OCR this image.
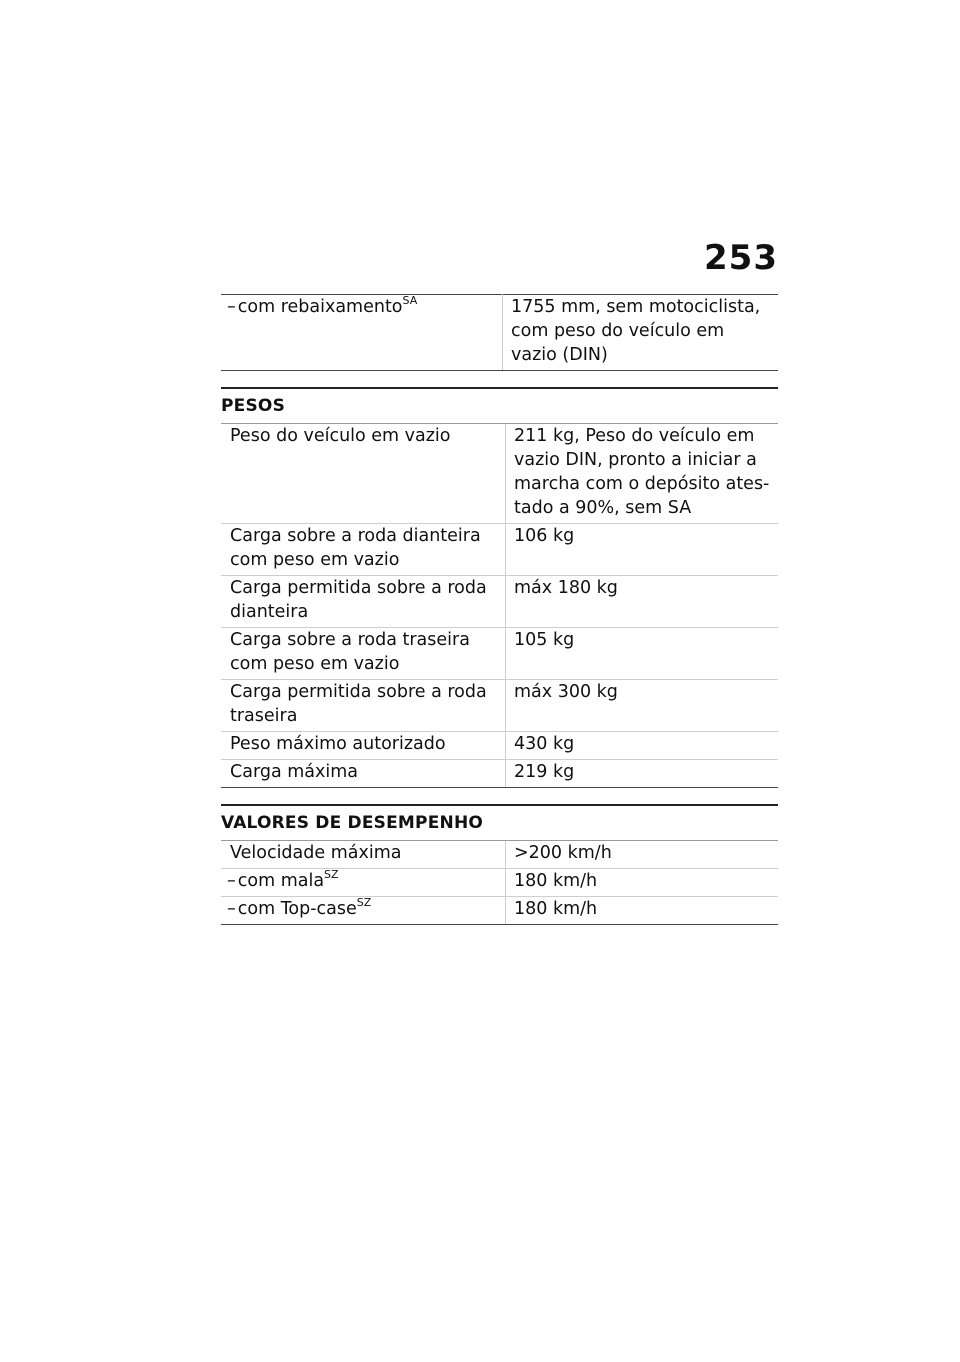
253
– com rebaixamento$^{SA}$	1755 mm, sem motociclista, com peso do veículo em vazio (DIN)
PESOS
Peso do veículo em vazio	211 kg, Peso do veículo em vazio DIN, pronto a iniciar a marcha com o depósito ates-tado a 90%, sem SA
Carga sobre a roda dianteira com peso em vazio	106 kg
Carga permitida sobre a roda dianteira	máx 180 kg
Carga sobre a roda traseira com peso em vazio	105 kg
Carga permitida sobre a roda traseira	máx 300 kg
Peso máximo autorizado	430 kg
Carga máxima	219 kg
VALORES DE DESEMPENHO
Velocidade máxima	>200 km/h
– com mala$^{SZ}$	180 km/h
– com Top-case$^{SZ}$	180 km/h
